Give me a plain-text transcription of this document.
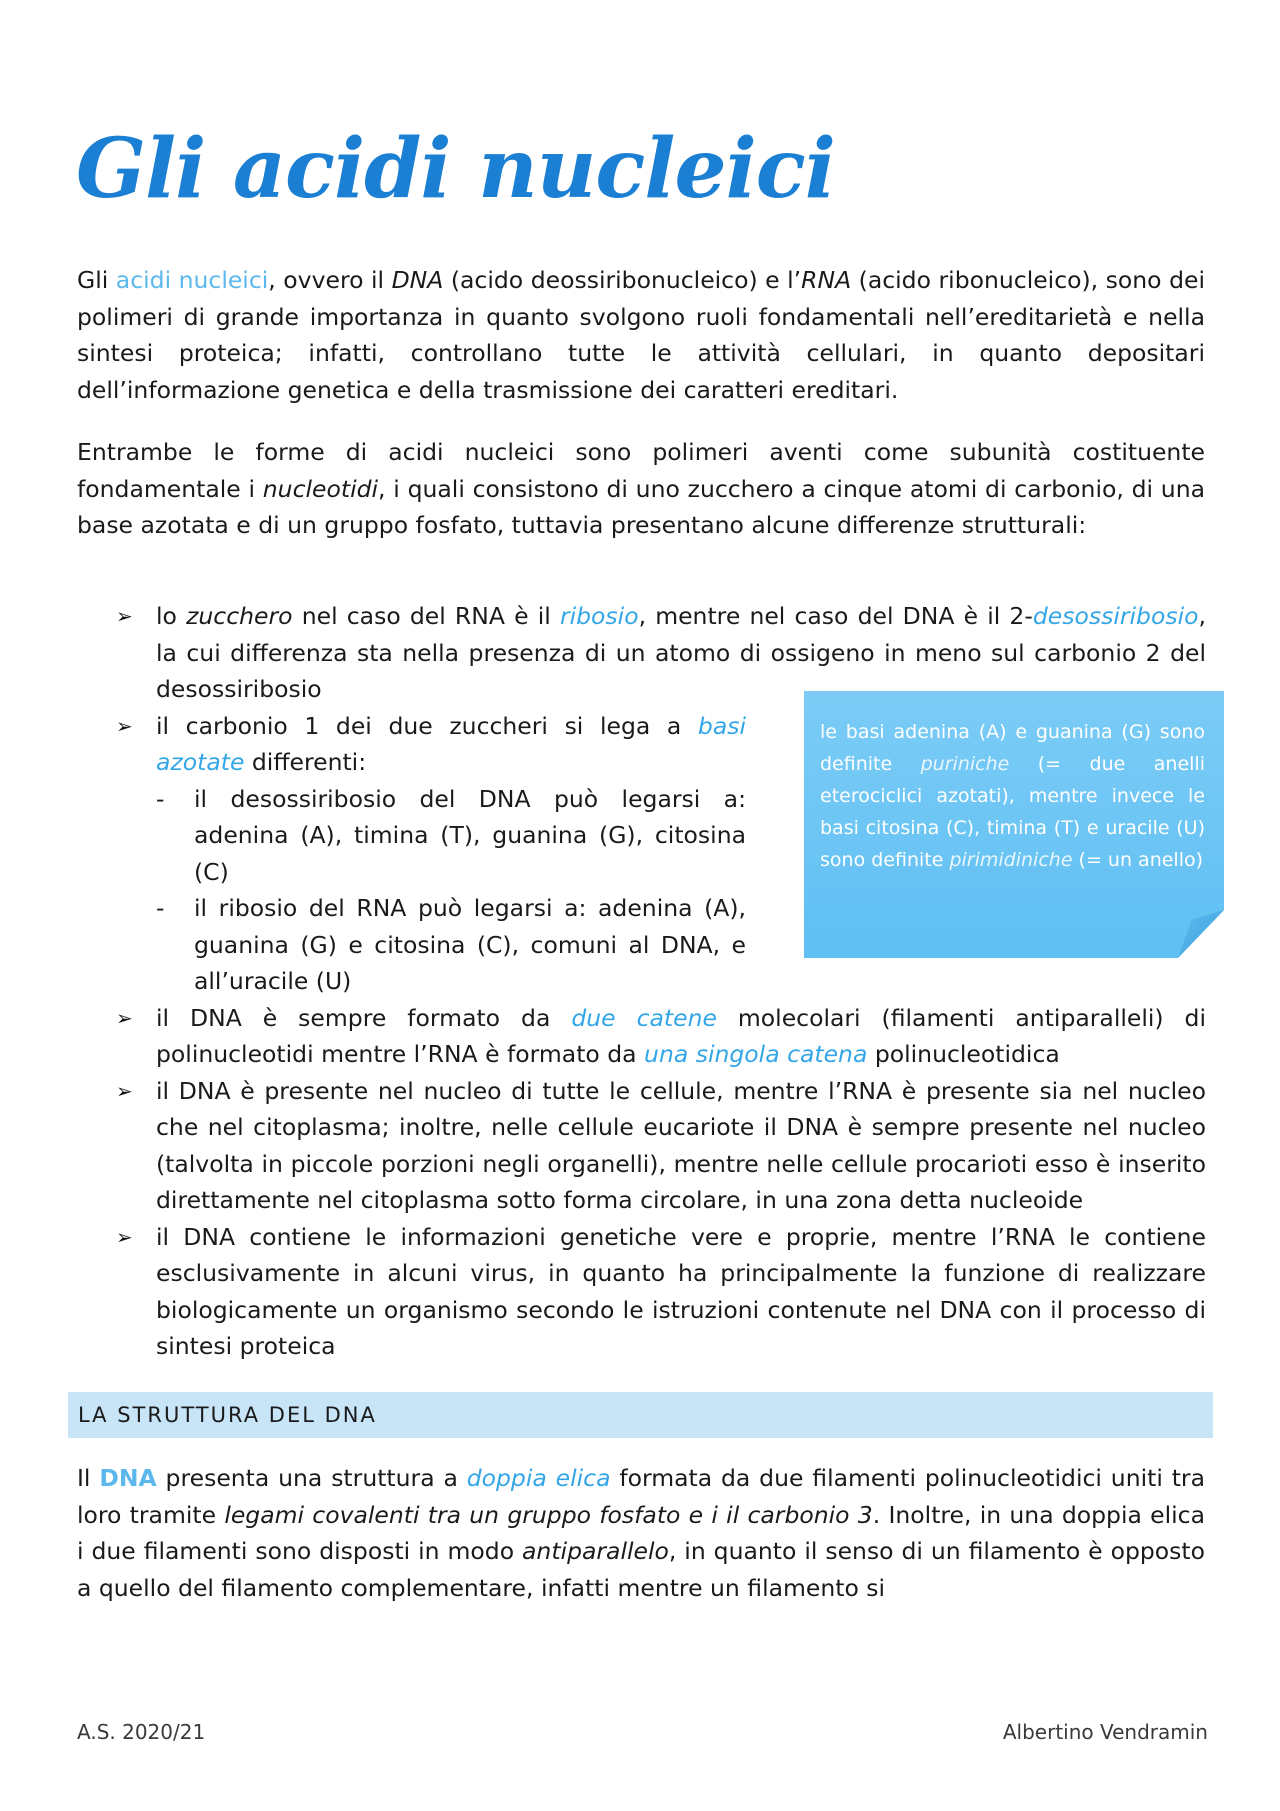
Gli acidi nucleici

Gli acidi nucleici, ovvero il DNA (acido deossiribonucleico) e l’RNA (acido ribonucleico), sono dei polimeri di grande importanza in quanto svolgono ruoli fondamentali nell’ereditarietà e nella sintesi proteica; infatti, controllano tutte le attività cellulari, in quanto depositari dell’informazione genetica e della trasmissione dei caratteri ereditari.

Entrambe le forme di acidi nucleici sono polimeri aventi come subunità costituente fondamentale i nucleotidi, i quali consistono di uno zucchero a cinque atomi di carbonio, di una base azotata e di un gruppo fosfato, tuttavia presentano alcune differenze strutturali:

➢ lo zucchero nel caso del RNA è il ribosio, mentre nel caso del DNA è il 2-desossiribosio, la cui differenza sta nella presenza di un atomo di ossigeno in meno sul carbonio 2 del desossiribosio
➢ il carbonio 1 dei due zuccheri si lega a basi azotate differenti:
- il desossiribosio del DNA può legarsi a: adenina (A), timina (T), guanina (G), citosina (C)
- il ribosio del RNA può legarsi a: adenina (A), guanina (G) e citosina (C), comuni al DNA, e all’uracile (U)
➢ il DNA è sempre formato da due catene molecolari (filamenti antiparalleli) di polinucleotidi mentre l’RNA è formato da una singola catena polinucleotidica
➢ il DNA è presente nel nucleo di tutte le cellule, mentre l’RNA è presente sia nel nucleo che nel citoplasma; inoltre, nelle cellule eucariote il DNA è sempre presente nel nucleo (talvolta in piccole porzioni negli organelli), mentre nelle cellule procarioti esso è inserito direttamente nel citoplasma sotto forma circolare, in una zona detta nucleoide
➢ il DNA contiene le informazioni genetiche vere e proprie, mentre l’RNA le contiene esclusivamente in alcuni virus, in quanto ha principalmente la funzione di realizzare biologicamente un organismo secondo le istruzioni contenute nel DNA con il processo di sintesi proteica

le basi adenina (A) e guanina (G) sono definite puriniche (= due anelli eterociclici azotati), mentre invece le basi citosina (C), timina (T) e uracile (U) sono definite pirimidiniche (= un anello)

LA STRUTTURA DEL DNA

Il DNA presenta una struttura a doppia elica formata da due filamenti polinucleotidici uniti tra loro tramite legami covalenti tra un gruppo fosfato e i il carbonio 3. Inoltre, in una doppia elica i due filamenti sono disposti in modo antiparallelo, in quanto il senso di un filamento è opposto a quello del filamento complementare, infatti mentre un filamento si

A.S. 2020/21	Albertino Vendramin
